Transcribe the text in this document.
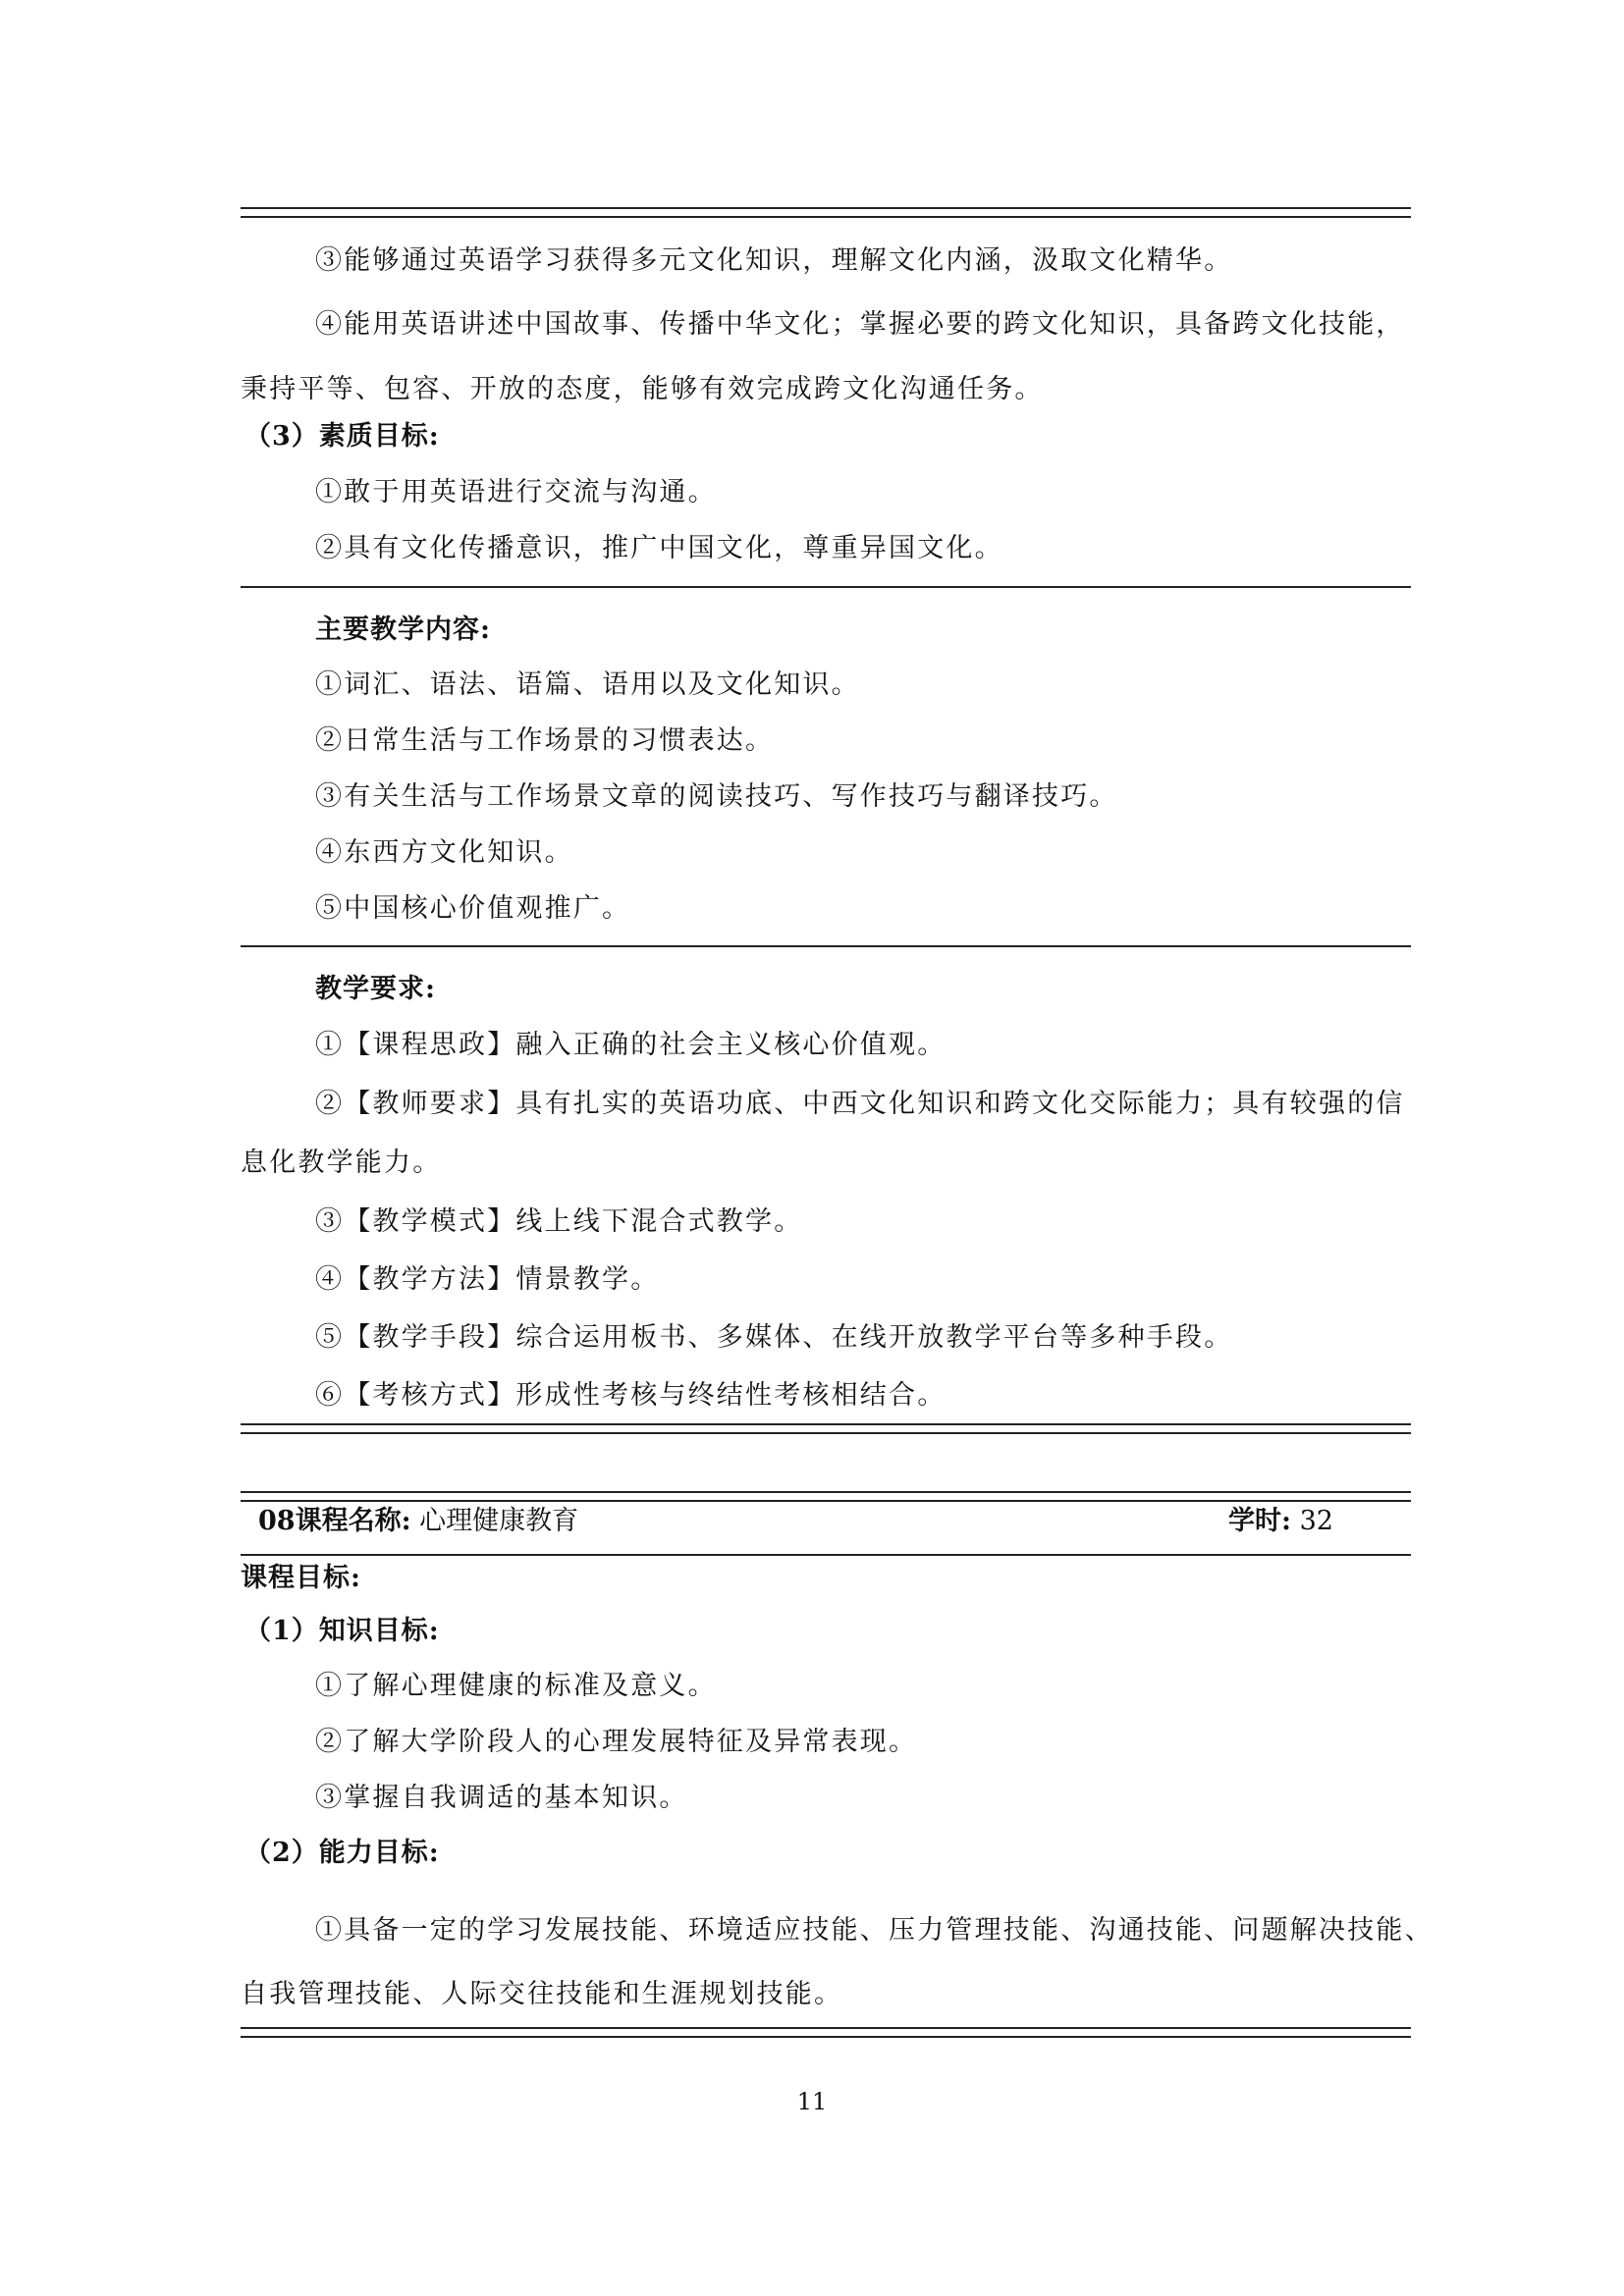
③能够通过英语学习获得多元文化知识，理解文化内涵，汲取文化精华。
④能用英语讲述中国故事、传播中华文化；掌握必要的跨文化知识，具备跨文化技能，
秉持平等、包容、开放的态度，能够有效完成跨文化沟通任务。
（3）素质目标:
①敢于用英语进行交流与沟通。
②具有文化传播意识，推广中国文化，尊重异国文化。
主要教学内容:
①词汇、语法、语篇、语用以及文化知识。
②日常生活与工作场景的习惯表达。
③有关生活与工作场景文章的阅读技巧、写作技巧与翻译技巧。
④东西方文化知识。
⑤中国核心价值观推广。
教学要求:
①【课程思政】融入正确的社会主义核心价值观。
②【教师要求】具有扎实的英语功底、中西文化知识和跨文化交际能力；具有较强的信
息化教学能力。
③【教学模式】线上线下混合式教学。
④【教学方法】情景教学。
⑤【教学手段】综合运用板书、多媒体、在线开放教学平台等多种手段。
⑥【考核方式】形成性考核与终结性考核相结合。
08课程名称: 心理健康教育	学时: 32
课程目标:
（1）知识目标:
①了解心理健康的标准及意义。
②了解大学阶段人的心理发展特征及异常表现。
③掌握自我调适的基本知识。
（2）能力目标:
①具备一定的学习发展技能、环境适应技能、压力管理技能、沟通技能、问题解决技能、
自我管理技能、人际交往技能和生涯规划技能。
11
